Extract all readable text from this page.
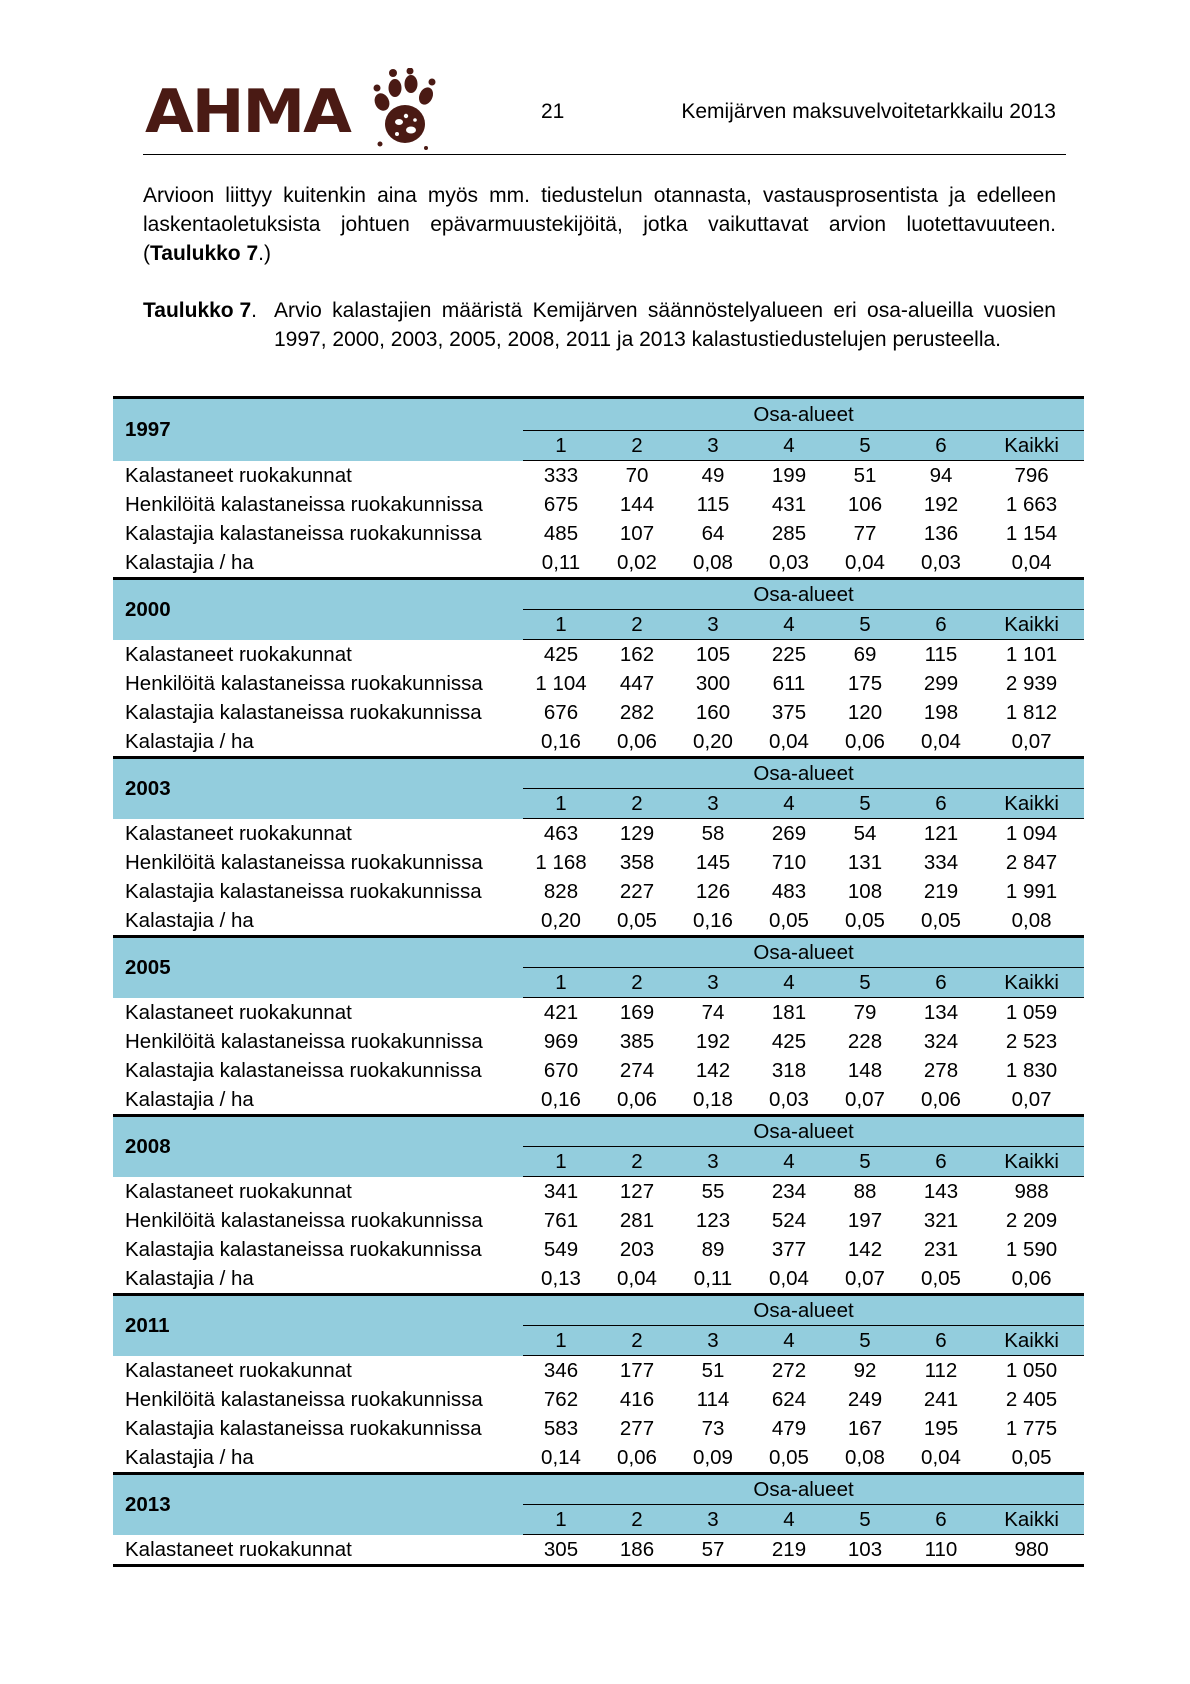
AHMA	21	Kemijärven maksuvelvoitetarkkailu 2013

Arvioon liittyy kuitenkin aina myös mm. tiedustelun otannasta, vastausprosentista ja edelleen laskentaoletuksista johtuen epävarmuustekijöitä, jotka vaikuttavat arvion luotettavuuteen. (Taulukko 7.)

Taulukko 7. Arvio kalastajien määristä Kemijärven säännöstelyalueen eri osa-alueilla vuosien 1997, 2000, 2003, 2005, 2008, 2011 ja 2013 kalastustiedustelujen perusteella.

1997	Osa-alueet						
	1	2	3	4	5	6	Kaikki
Kalastaneet ruokakunnat	333	70	49	199	51	94	796
Henkilöitä kalastaneissa ruokakunnissa	675	144	115	431	106	192	1 663
Kalastajia kalastaneissa ruokakunnissa	485	107	64	285	77	136	1 154
Kalastajia / ha	0,11	0,02	0,08	0,03	0,04	0,03	0,04
2000	Osa-alueet						
	1	2	3	4	5	6	Kaikki
Kalastaneet ruokakunnat	425	162	105	225	69	115	1 101
Henkilöitä kalastaneissa ruokakunnissa	1 104	447	300	611	175	299	2 939
Kalastajia kalastaneissa ruokakunnissa	676	282	160	375	120	198	1 812
Kalastajia / ha	0,16	0,06	0,20	0,04	0,06	0,04	0,07
2003	Osa-alueet						
	1	2	3	4	5	6	Kaikki
Kalastaneet ruokakunnat	463	129	58	269	54	121	1 094
Henkilöitä kalastaneissa ruokakunnissa	1 168	358	145	710	131	334	2 847
Kalastajia kalastaneissa ruokakunnissa	828	227	126	483	108	219	1 991
Kalastajia / ha	0,20	0,05	0,16	0,05	0,05	0,05	0,08
2005	Osa-alueet						
	1	2	3	4	5	6	Kaikki
Kalastaneet ruokakunnat	421	169	74	181	79	134	1 059
Henkilöitä kalastaneissa ruokakunnissa	969	385	192	425	228	324	2 523
Kalastajia kalastaneissa ruokakunnissa	670	274	142	318	148	278	1 830
Kalastajia / ha	0,16	0,06	0,18	0,03	0,07	0,06	0,07
2008	Osa-alueet						
	1	2	3	4	5	6	Kaikki
Kalastaneet ruokakunnat	341	127	55	234	88	143	988
Henkilöitä kalastaneissa ruokakunnissa	761	281	123	524	197	321	2 209
Kalastajia kalastaneissa ruokakunnissa	549	203	89	377	142	231	1 590
Kalastajia / ha	0,13	0,04	0,11	0,04	0,07	0,05	0,06
2011	Osa-alueet						
	1	2	3	4	5	6	Kaikki
Kalastaneet ruokakunnat	346	177	51	272	92	112	1 050
Henkilöitä kalastaneissa ruokakunnissa	762	416	114	624	249	241	2 405
Kalastajia kalastaneissa ruokakunnissa	583	277	73	479	167	195	1 775
Kalastajia / ha	0,14	0,06	0,09	0,05	0,08	0,04	0,05
2013	Osa-alueet						
	1	2	3	4	5	6	Kaikki
Kalastaneet ruokakunnat	305	186	57	219	103	110	980
